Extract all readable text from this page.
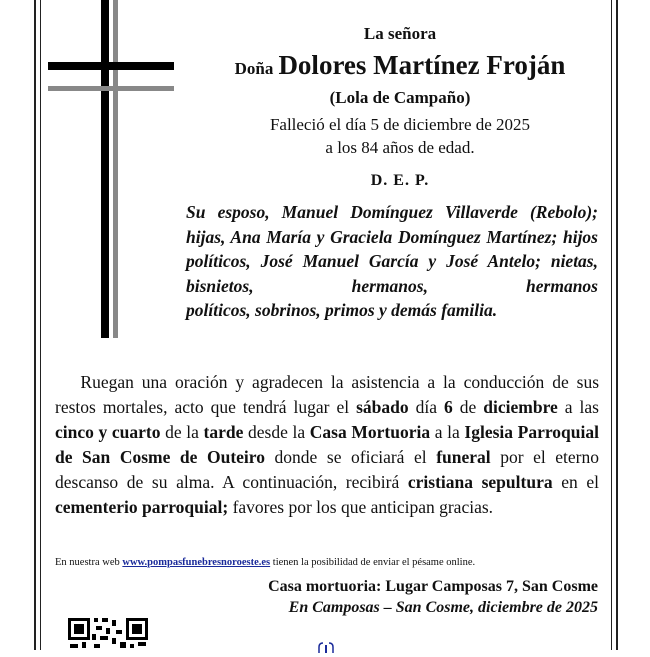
La señora
Doña Dolores Martínez Froján
(Lola de Campaño)
Falleció el día 5 de diciembre de 2025
a los 84 años de edad.
D. E. P.
Su esposo, Manuel Domínguez Villaverde (Rebolo); hijas, Ana María y Graciela Domínguez Martínez; hijos políticos, José Manuel García y José Antelo; nietas, bisnietos, hermanos, hermanos
políticos, sobrinos, primos y demás familia.
  Ruegan una oración y agradecen la asistencia a la conducción de sus restos mortales, acto que tendrá lugar el sábado día 6 de diciembre a las cinco y cuarto de la tarde desde la Casa Mortuoria a la Iglesia Parroquial de San Cosme de Outeiro donde se oficiará el funeral por el eterno descanso de su alma. A continuación, recibirá cristiana sepultura en el cementerio parroquial; favores por los que anticipan gracias.
En nuestra web www.pompasfunebresnoroeste.es tienen la posibilidad de enviar el pésame online.
Casa mortuoria: Lugar Camposas 7, San Cosme
En Camposas – San Cosme, diciembre de 2025
